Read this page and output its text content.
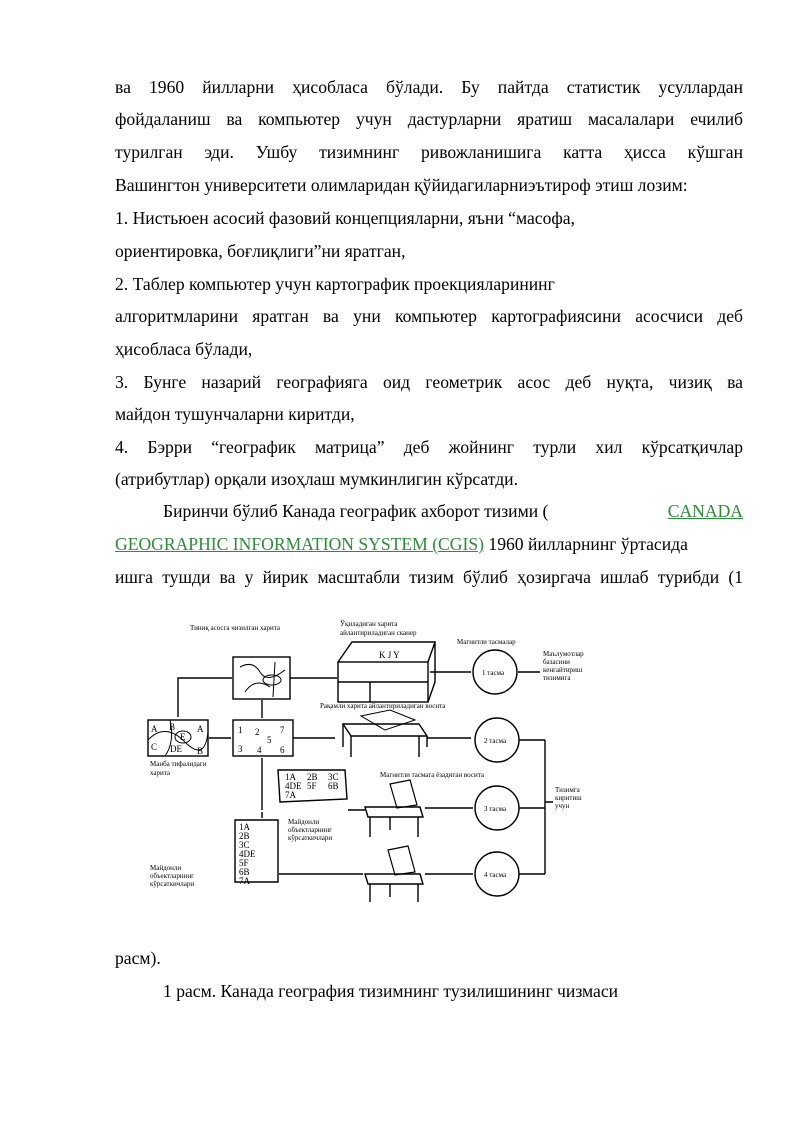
ва 1960 йилларни ҳисобласа бўлади. Бу пайтда статистик усуллардан

фойдаланиш ва компьютер учун дастурларни яратиш масалалари ечилиб

турилган эди. Ушбу тизимнинг ривожланишига катта ҳисса кўшган

Вашингтон университети олимларидан қўйидагиларниэътироф этиш лозим:

1. Нистьюен асосий фазовий концепцияларни, яъни “масофа,

ориентировка, боғлиқлиги”ни яратган,

2. Таблер компьютер учун картографик проекцияларининг

алгоритмларини яратган ва уни компьютер картографиясини асосчиси деб

ҳисобласа бўлади,

3. Бунге назарий географияга оид геометрик асос деб нуқта, чизиқ ва

майдон тушунчаларни киритди,

4. Бэрри “географик матрица” деб жойнинг турли хил кўрсатқичлар

(атрибутлар) орқали изоҳлаш мумкинлигин кўрсатди.

Биринчи бўлиб Канада географик ахборот тизими (	CANADA

GEOGRAPHIC INFORMATION SYSTEM (CGIS) 1960 йилларнинг ўртасида

ишга тушди ва у йирик масштабли тизим бўлиб ҳозиргача ишлаб турибди (1

Тиниқ асосга чизилган харита	Ўқиладиган харита
айлантириладиган сканер
Магнитли тасмалар
Маълумотлар
базасини
кенгайтириш
тизимига
Рақамли харита айлантириладиган восита
Магнитли тасмага ёзадиган восита
Манба тифалидаги
харита
Майдонли
объектларнинг
кўрсаткичлари
Майдонли
объектларнинг
кўрсаткичлари
Тизимга
киритиш
учун
1 тасма
2 тасма
3 тасма
4 тасма
K J Y
A B A
E
C DE B
1 2 7
5
3 4 6
1A 2B 3C
4DE 5F 6B
7A
1A
2B
3C
4DE
5F
6B
7A

расм).

1 расм. Канада география тизимнинг тузилишининг чизмаси
